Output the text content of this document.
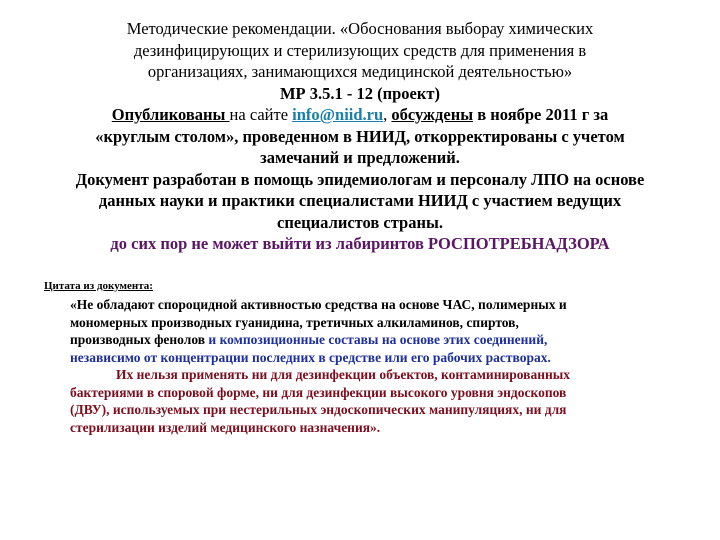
Методические рекомендации. «Обоснования выборау химических
дезинфицирующих и стерилизующих средств для применения в
организациях, занимающихся медицинской деятельностью»
МР 3.5.1 - 12 (проект)
Опубликованы на сайте info@niid.ru, обсуждены в ноябре 2011 г за
«круглым столом», проведенном в НИИД, откорректированы с учетом
замечаний и предложений.
Документ разработан в помощь эпидемиологам и персоналу ЛПО на основе
данных науки и практики специалистами НИИД с участием ведущих
специалистов страны.
до сих пор не может выйти из лабиринтов РОСПОТРЕБНАДЗОРА
Цитата из документа:
«Не обладают спороцидной активностью средства на основе ЧАС, полимерных и
мономерных производных гуанидина, третичных алкиламинов, спиртов,
производных фенолов и композиционные составы на основе этих соединений,
независимо от концентрации последних в средстве или его рабочих растворах.
Их нельзя применять ни для дезинфекции объектов, контаминированных
бактериями в споровой форме, ни для дезинфекции высокого уровня эндоскопов
(ДВУ), используемых при нестерильных эндоскопических манипуляциях, ни для
стерилизации изделий медицинского назначения».
